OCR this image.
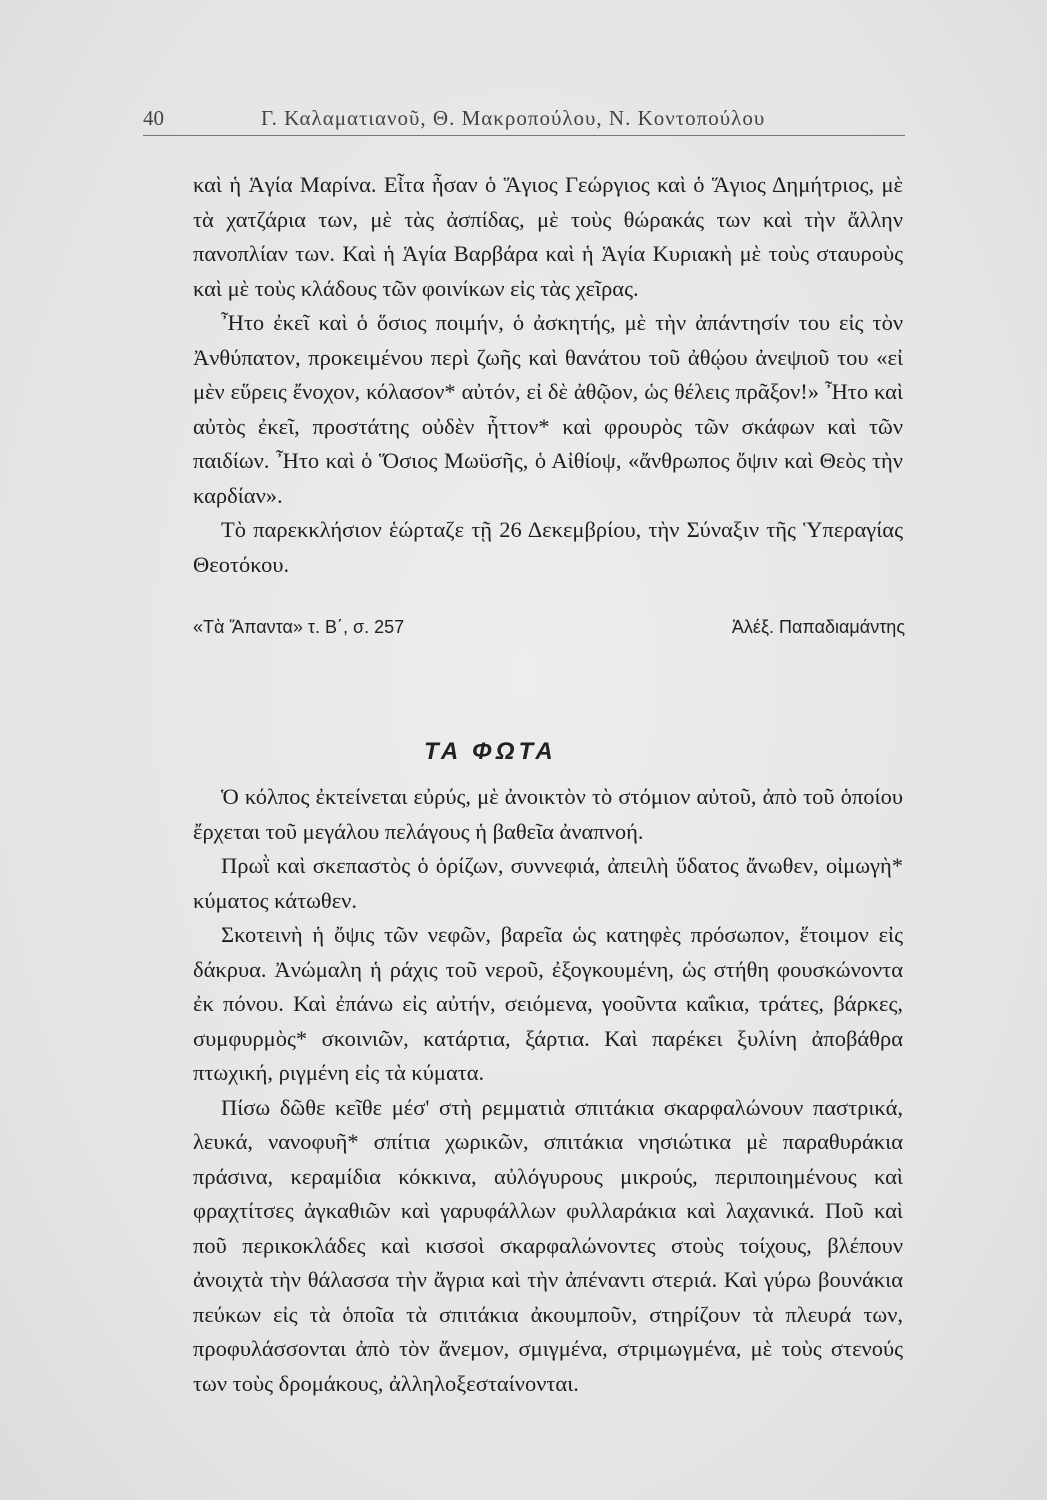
40	Γ. Καλαματιανοῦ, Θ. Μακροπούλου, Ν. Κοντοπούλου

καὶ ἡ Ἁγία Μαρίνα. Εἶτα ἦσαν ὁ Ἅγιος Γεώργιος καὶ ὁ Ἅγιος Δημήτριος, μὲ τὰ χατζάρια των, μὲ τὰς ἀσπίδας, μὲ τοὺς θώρακάς των καὶ τὴν ἄλλην πανοπλίαν των. Καὶ ἡ Ἁγία Βαρβάρα καὶ ἡ Ἁγία Κυριακὴ μὲ τοὺς σταυροὺς καὶ μὲ τοὺς κλάδους τῶν φοινίκων εἰς τὰς χεῖρας.

Ἦτο ἐκεῖ καὶ ὁ ὅσιος ποιμήν, ὁ ἀσκητής, μὲ τὴν ἀπάντησίν του εἰς τὸν Ἀνθύπατον, προκειμένου περὶ ζωῆς καὶ θανάτου τοῦ ἀθῴου ἀνεψιοῦ του «εἰ μὲν εὕρεις ἔνοχον, κόλασον* αὐτόν, εἰ δὲ ἀθῷον, ὡς θέλεις πρᾶξον!» Ἦτο καὶ αὐτὸς ἐκεῖ, προστάτης οὐδὲν ἧττον* καὶ φρουρὸς τῶν σκάφων καὶ τῶν παιδίων. Ἦτο καὶ ὁ Ὅσιος Μωϋσῆς, ὁ Αἰθίοψ, «ἄνθρωπος ὄψιν καὶ Θεὸς τὴν καρδίαν».

Τὸ παρεκκλήσιον ἑώρταζε τῇ 26 Δεκεμβρίου, τὴν Σύναξιν τῆς Ὑπεραγίας Θεοτόκου.

«Τὰ Ἅπαντα» τ. Β΄, σ. 257	Ἀλέξ. Παπαδιαμάντης
ΤΑ ΦΩΤΑ

Ὁ κόλπος ἐκτείνεται εὐρύς, μὲ ἀνοικτὸν τὸ στόμιον αὐτοῦ, ἀπὸ τοῦ ὁποίου ἔρχεται τοῦ μεγάλου πελάγους ἡ βαθεῖα ἀναπνοή.

Πρωῒ καὶ σκεπαστὸς ὁ ὁρίζων, συννεφιά, ἀπειλὴ ὕδατος ἄνωθεν, οἰμωγὴ* κύματος κάτωθεν.

Σκοτεινὴ ἡ ὄψις τῶν νεφῶν, βαρεῖα ὡς κατηφὲς πρόσωπον, ἕτοιμον εἰς δάκρυα. Ἀνώμαλη ἡ ράχις τοῦ νεροῦ, ἐξογκουμένη, ὡς στήθη φουσκώνοντα ἐκ πόνου. Καὶ ἐπάνω εἰς αὐτήν, σειόμενα, γοοῦντα καΐκια, τράτες, βάρκες, συμφυρμὸς* σκοινιῶν, κατάρτια, ξάρτια. Καὶ παρέκει ξυλίνη ἀποβάθρα πτωχική, ριγμένη εἰς τὰ κύματα.

Πίσω δῶθε κεῖθε μέσ' στὴ ρεμματιὰ σπιτάκια σκαρφαλώνουν παστρικά, λευκά, νανοφυῆ* σπίτια χωρικῶν, σπιτάκια νησιώτικα μὲ παραθυράκια πράσινα, κεραμίδια κόκκινα, αὐλόγυρους μικρούς, περιποιημένους καὶ φραχτίτσες ἀγκαθιῶν καὶ γαρυφάλλων φυλλαράκια καὶ λαχανικά. Ποῦ καὶ ποῦ περικοκλάδες καὶ κισσοὶ σκαρφαλώνοντες στοὺς τοίχους, βλέπουν ἀνοιχτὰ τὴν θάλασσα τὴν ἄγρια καὶ τὴν ἀπέναντι στεριά. Καὶ γύρω βουνάκια πεύκων εἰς τὰ ὁποῖα τὰ σπιτάκια ἀκουμποῦν, στηρίζουν τὰ πλευρά των, προφυλάσσονται ἀπὸ τὸν ἄνεμον, σμιγμένα, στριμωγμένα, μὲ τοὺς στενούς των τοὺς δρομάκους, ἀλληλοξεσταίνονται.
